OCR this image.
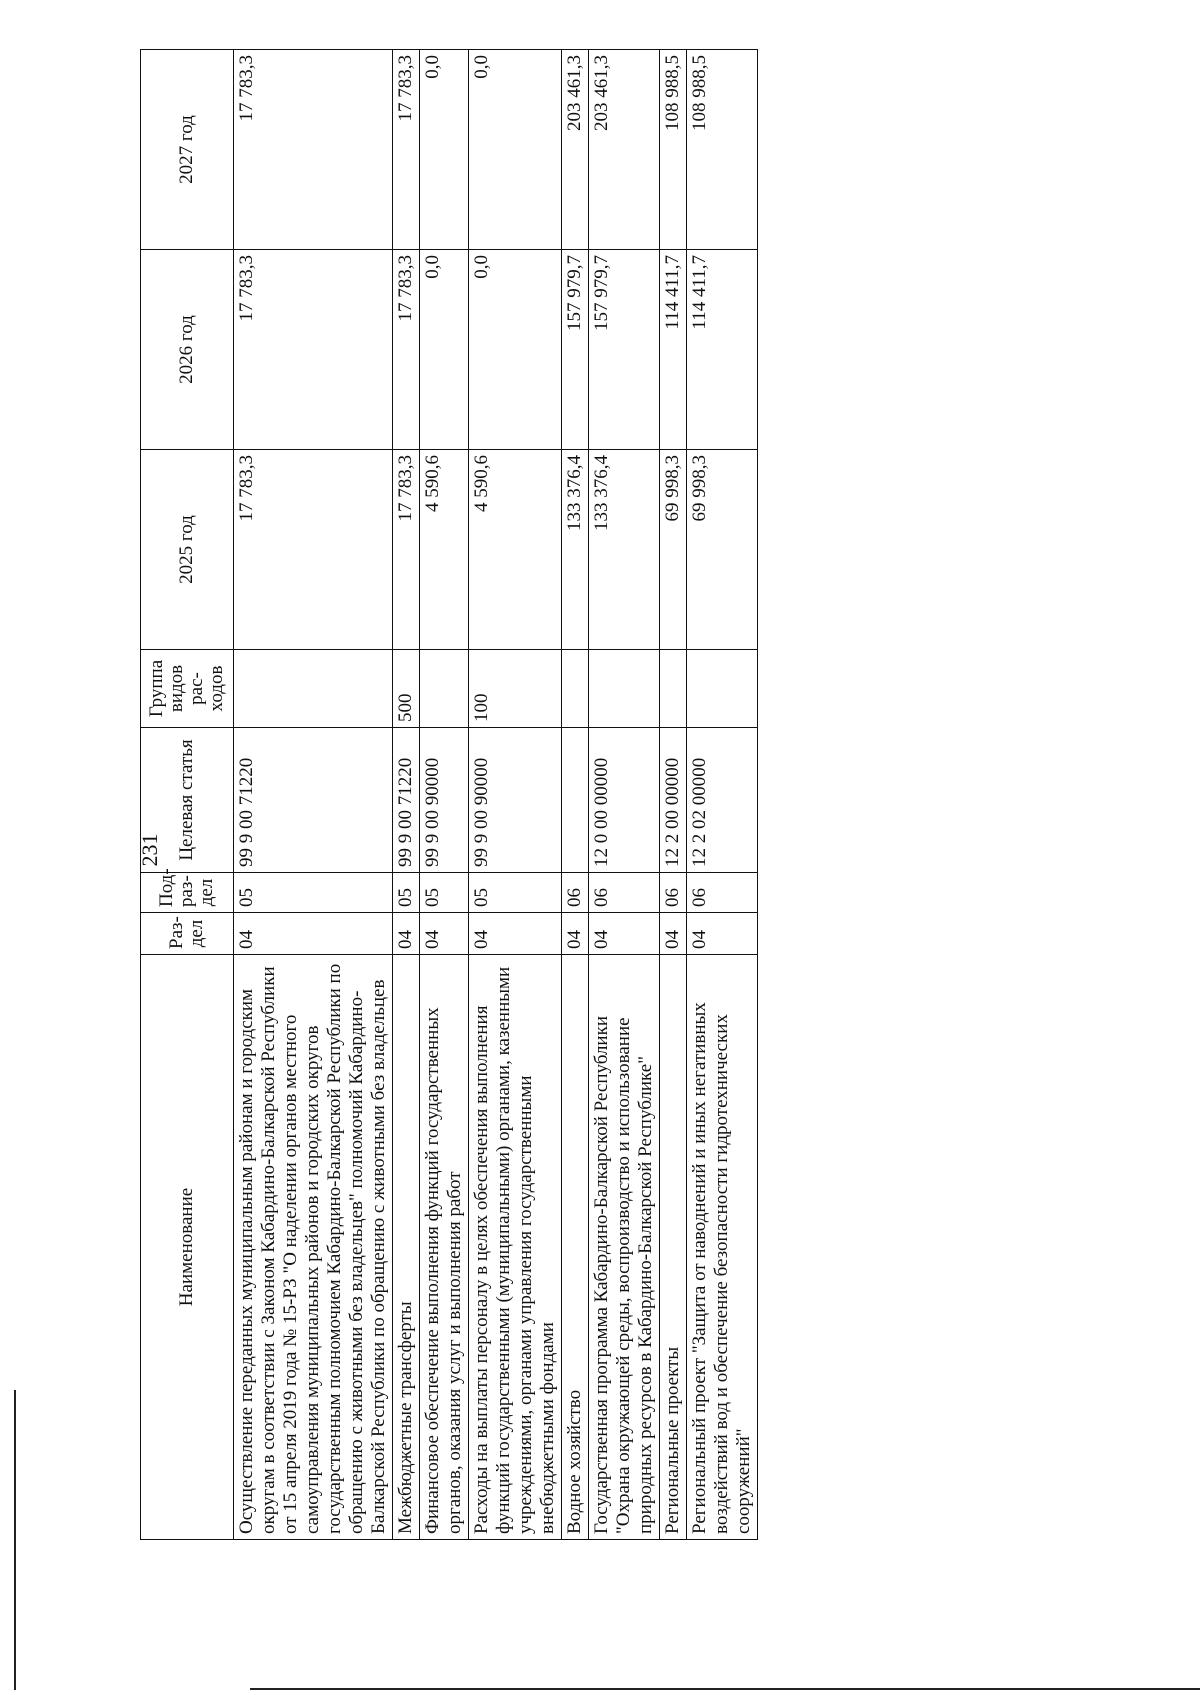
231
Наименование	Раз-дел	Под-раз-дел	Целевая статья	Группа видов рас-ходов	2025 год	2026 год	2027 год
Осуществление переданных муниципальным районам и городским округам в соответствии с Законом Кабардино-Балкарской Республики от 15 апреля 2019 года № 15-РЗ "О наделении органов местного самоуправления муниципальных районов и городских округов государственным полномочием Кабардино-Балкарской Республики по обращению с животными без владельцев" полномочий Кабардино-Балкарской Республики по обращению с животными без владельцев	04	05	99 9 00 71220		17 783,3	17 783,3	17 783,3
Межбюджетные трансферты	04	05	99 9 00 71220	500	17 783,3	17 783,3	17 783,3
Финансовое обеспечение выполнения функций государственных органов, оказания услуг и выполнения работ	04	05	99 9 00 90000		4 590,6	0,0	0,0
Расходы на выплаты персоналу в целях обеспечения выполнения функций государственными (муниципальными) органами, казенными учреждениями, органами управления государственными внебюджетными фондами	04	05	99 9 00 90000	100	4 590,6	0,0	0,0
Водное хозяйство	04	06			133 376,4	157 979,7	203 461,3
Государственная программа Кабардино-Балкарской Республики "Охрана окружающей среды, воспроизводство и использование природных ресурсов в Кабардино-Балкарской Республике"	04	06	12 0 00 00000		133 376,4	157 979,7	203 461,3
Региональные проекты	04	06	12 2 00 00000		69 998,3	114 411,7	108 988,5
Региональный проект "Защита от наводнений и иных негативных воздействий вод и обеспечение безопасности гидротехнических сооружений"	04	06	12 2 02 00000		69 998,3	114 411,7	108 988,5
